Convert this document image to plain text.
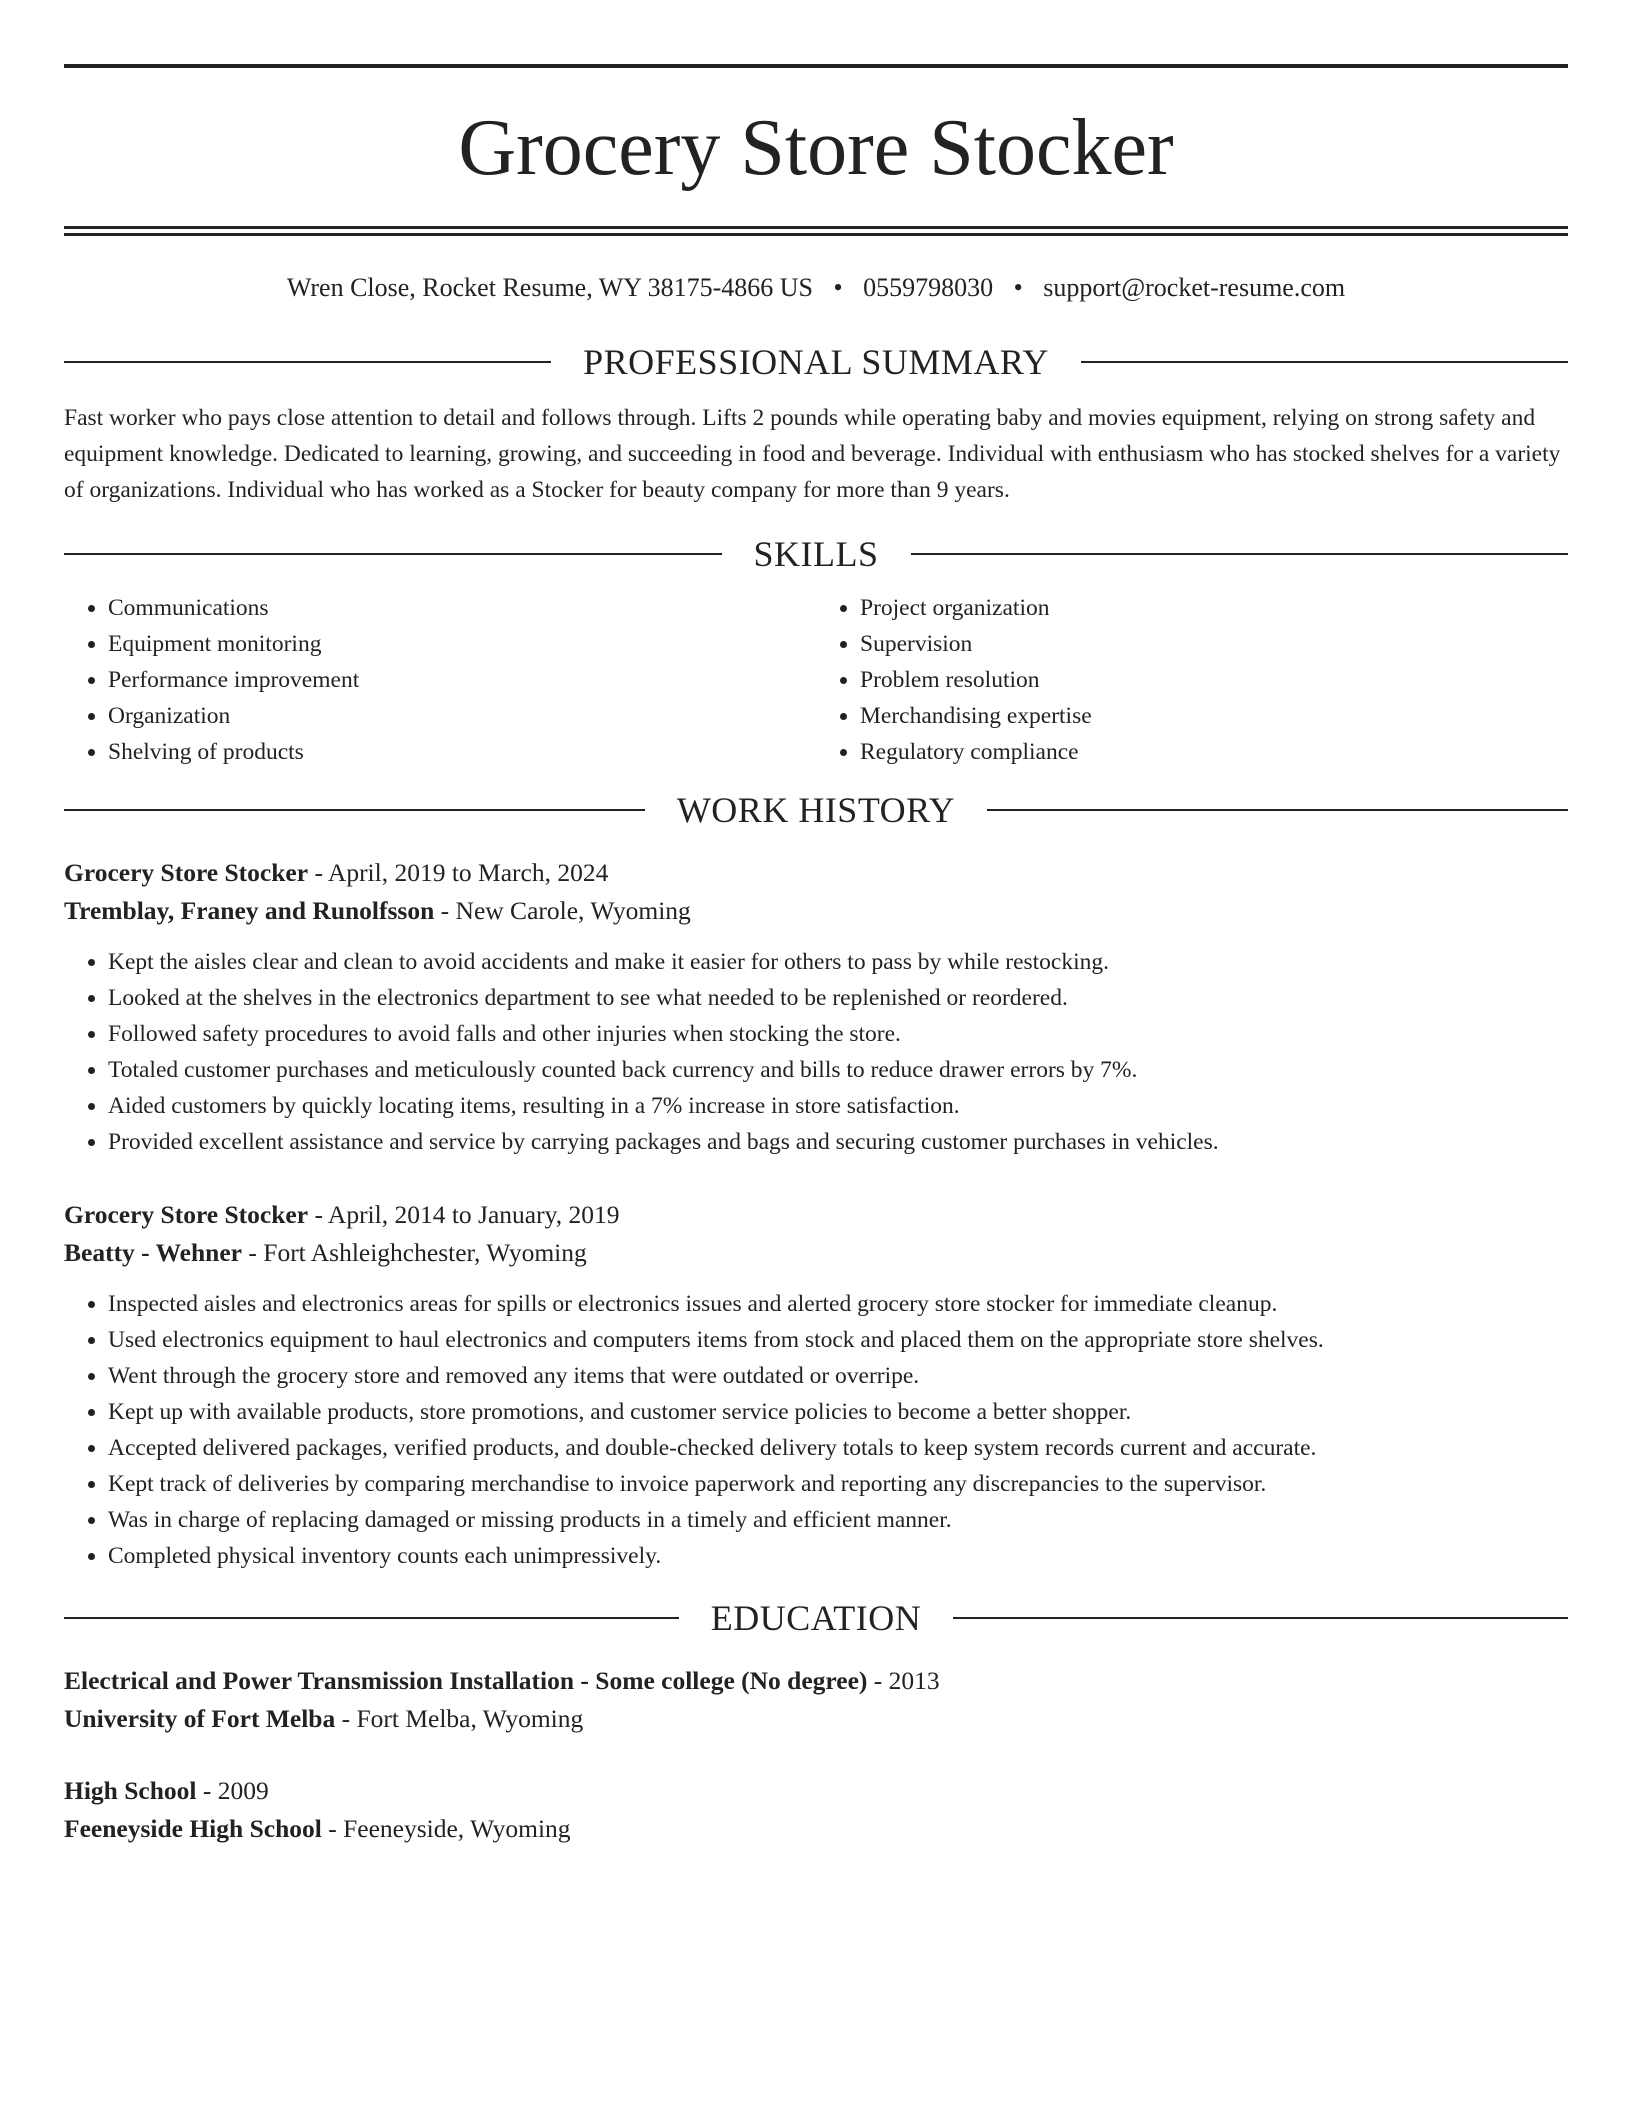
Grocery Store Stocker
Wren Close, Rocket Resume, WY 38175-4866 US • 0559798030 • support@rocket-resume.com
PROFESSIONAL SUMMARY

Fast worker who pays close attention to detail and follows through. Lifts 2 pounds while operating baby and movies equipment, relying on strong safety and equipment knowledge. Dedicated to learning, growing, and succeeding in food and beverage. Individual with enthusiasm who has stocked shelves for a variety of organizations. Individual who has worked as a Stocker for beauty company for more than 9 years.

SKILLS
• Communications
• Equipment monitoring
• Performance improvement
• Organization
• Shelving of products
• Project organization
• Supervision
• Problem resolution
• Merchandising expertise
• Regulatory compliance
WORK HISTORY
Grocery Store Stocker - April, 2019 to March, 2024
Tremblay, Franey and Runolfsson - New Carole, Wyoming
• Kept the aisles clear and clean to avoid accidents and make it easier for others to pass by while restocking.
• Looked at the shelves in the electronics department to see what needed to be replenished or reordered.
• Followed safety procedures to avoid falls and other injuries when stocking the store.
• Totaled customer purchases and meticulously counted back currency and bills to reduce drawer errors by 7%.
• Aided customers by quickly locating items, resulting in a 7% increase in store satisfaction.
• Provided excellent assistance and service by carrying packages and bags and securing customer purchases in vehicles.
Grocery Store Stocker - April, 2014 to January, 2019
Beatty - Wehner - Fort Ashleighchester, Wyoming
• Inspected aisles and electronics areas for spills or electronics issues and alerted grocery store stocker for immediate cleanup.
• Used electronics equipment to haul electronics and computers items from stock and placed them on the appropriate store shelves.
• Went through the grocery store and removed any items that were outdated or overripe.
• Kept up with available products, store promotions, and customer service policies to become a better shopper.
• Accepted delivered packages, verified products, and double-checked delivery totals to keep system records current and accurate.
• Kept track of deliveries by comparing merchandise to invoice paperwork and reporting any discrepancies to the supervisor.
• Was in charge of replacing damaged or missing products in a timely and efficient manner.
• Completed physical inventory counts each unimpressively.
EDUCATION
Electrical and Power Transmission Installation - Some college (No degree) - 2013
University of Fort Melba - Fort Melba, Wyoming
High School - 2009
Feeneyside High School - Feeneyside, Wyoming
